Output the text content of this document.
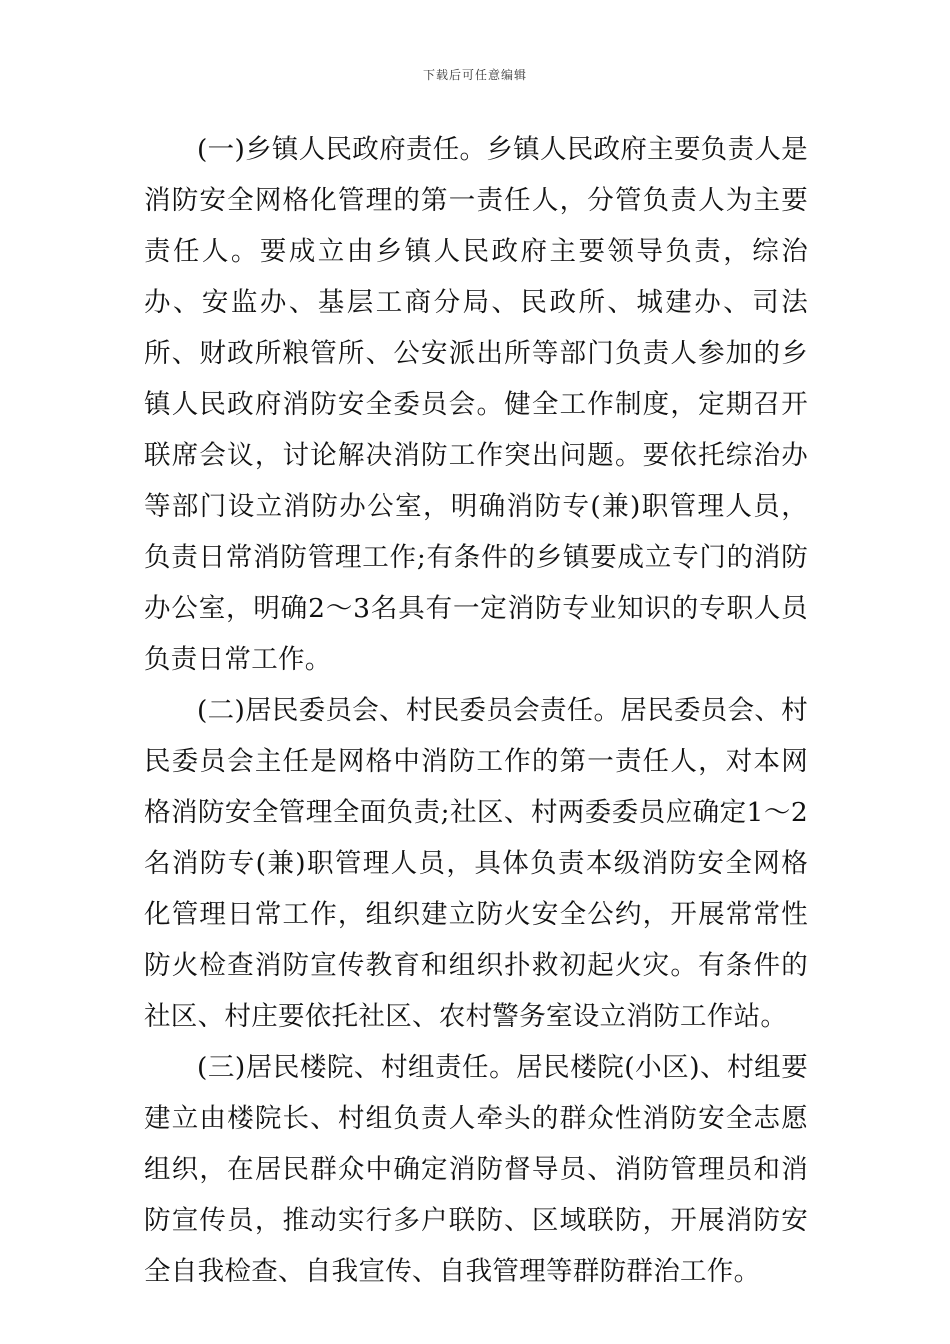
下载后可任意编辑

(一)乡镇人民政府责任。乡镇人民政府主要负责人是消防安全网格化管理的第一责任人，分管负责人为主要责任人。要成立由乡镇人民政府主要领导负责，综治办、安监办、基层工商分局、民政所、城建办、司法所、财政所粮管所、公安派出所等部门负责人参加的乡镇人民政府消防安全委员会。健全工作制度，定期召开联席会议，讨论解决消防工作突出问题。要依托综治办等部门设立消防办公室，明确消防专(兼)职管理人员，负责日常消防管理工作;有条件的乡镇要成立专门的消防办公室，明确2～3名具有一定消防专业知识的专职人员负责日常工作。

(二)居民委员会、村民委员会责任。居民委员会、村民委员会主任是网格中消防工作的第一责任人，对本网格消防安全管理全面负责;社区、村两委委员应确定1～2名消防专(兼)职管理人员，具体负责本级消防安全网格化管理日常工作，组织建立防火安全公约，开展常常性防火检查消防宣传教育和组织扑救初起火灾。有条件的社区、村庄要依托社区、农村警务室设立消防工作站。

(三)居民楼院、村组责任。居民楼院(小区)、村组要建立由楼院长、村组负责人牵头的群众性消防安全志愿组织，在居民群众中确定消防督导员、消防管理员和消防宣传员，推动实行多户联防、区域联防，开展消防安全自我检查、自我宣传、自我管理等群防群治工作。
